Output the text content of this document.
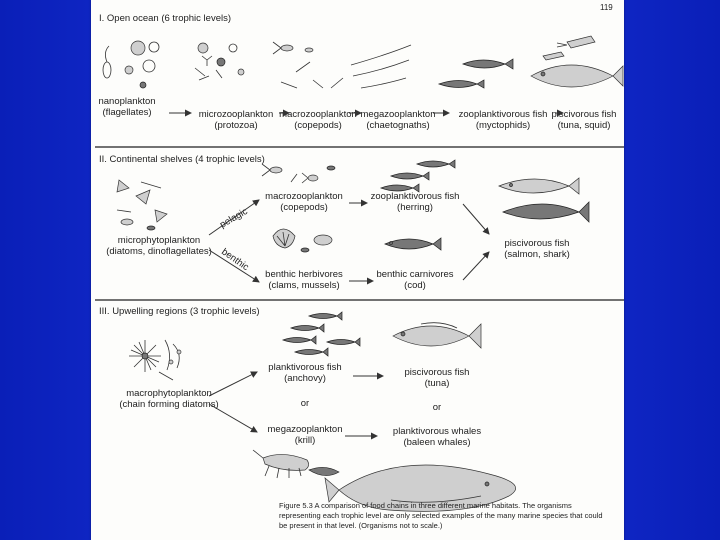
119
I. Open ocean (6 trophic levels)
nanoplankton
(flagellates)	microzooplankton
(protozoa)
macrozooplankton
(copepods)
megazooplankton
(chaetognaths)
zooplanktivorous fish
(myctophids)
piscivorous fish
(tuna, squid)
II. Continental shelves (4 trophic levels)
microphytoplankton
(diatoms, dinoflagellates)
macrozooplankton
(copepods)
zooplanktivorous fish
(herring)
benthic herbivores
(clams, mussels)
benthic carnivores
(cod)
piscivorous fish
(salmon, shark)
pelagic
benthic
III. Upwelling regions (3 trophic levels)
macrophytoplankton
(chain forming diatoms)
planktivorous fish
(anchovy)
piscivorous fish
(tuna)
megazooplankton
(krill)
planktivorous whales
(baleen whales)
or	or
Figure 5.3 A comparison of food chains in three different marine habitats. The organisms
representing each trophic level are only selected examples of the many marine species that could
be present in that level. (Organisms not to scale.)
